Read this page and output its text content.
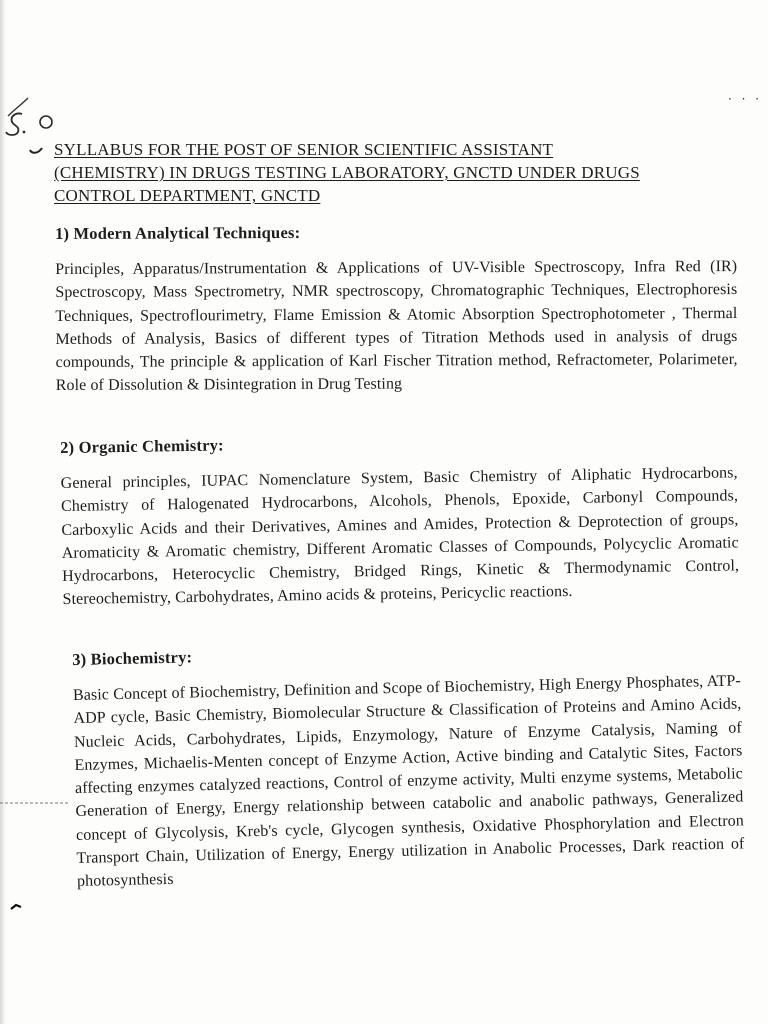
· · ·
SYLLABUS FOR THE POST OF SENIOR SCIENTIFIC ASSISTANT
(CHEMISTRY) IN DRUGS TESTING LABORATORY, GNCTD UNDER DRUGS
CONTROL DEPARTMENT, GNCTD

1) Modern Analytical Techniques:

Principles, Apparatus/Instrumentation & Applications of UV-Visible Spectroscopy, Infra Red (IR) Spectroscopy, Mass Spectrometry, NMR spectroscopy, Chromatographic Techniques, Electrophoresis Techniques, Spectroflourimetry, Flame Emission & Atomic Absorption Spectrophotometer , Thermal Methods of Analysis, Basics of different types of Titration Methods used in analysis of drugs compounds, The principle & application of Karl Fischer Titration method, Refractometer, Polarimeter, Role of Dissolution & Disintegration in Drug Testing

2) Organic Chemistry:

General principles, IUPAC Nomenclature System, Basic Chemistry of Aliphatic Hydrocarbons, Chemistry of Halogenated Hydrocarbons, Alcohols, Phenols, Epoxide, Carbonyl Compounds, Carboxylic Acids and their Derivatives, Amines and Amides, Protection & Deprotection of groups, Aromaticity & Aromatic chemistry, Different Aromatic Classes of Compounds, Polycyclic Aromatic Hydrocarbons, Heterocyclic Chemistry, Bridged Rings, Kinetic & Thermodynamic Control, Stereochemistry, Carbohydrates, Amino acids & proteins, Pericyclic reactions.

3) Biochemistry:

Basic Concept of Biochemistry, Definition and Scope of Biochemistry, High Energy Phosphates, ATP-ADP cycle, Basic Chemistry, Biomolecular Structure & Classification of Proteins and Amino Acids, Nucleic Acids, Carbohydrates, Lipids, Enzymology, Nature of Enzyme Catalysis, Naming of Enzymes, Michaelis-Menten concept of Enzyme Action, Active binding and Catalytic Sites, Factors affecting enzymes catalyzed reactions, Control of enzyme activity, Multi enzyme systems, Metabolic Generation of Energy, Energy relationship between catabolic and anabolic pathways, Generalized concept of Glycolysis, Kreb's cycle, Glycogen synthesis, Oxidative Phosphorylation and Electron Transport Chain, Utilization of Energy, Energy utilization in Anabolic Processes, Dark reaction of photosynthesis
